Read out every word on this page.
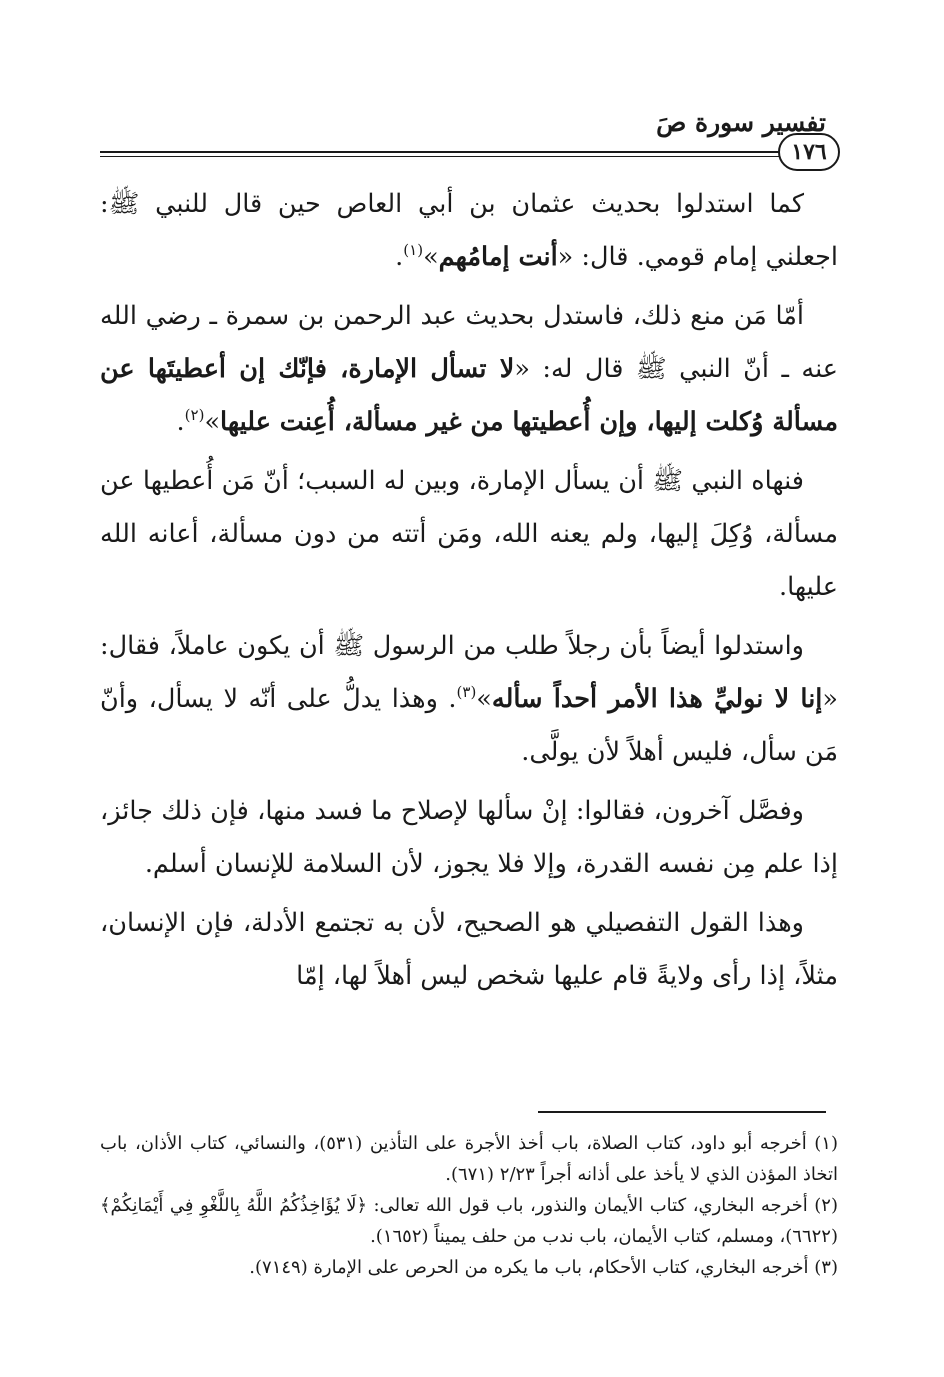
تفسير سورة صَ
١٧٦

كما استدلوا بحديث عثمان بن أبي العاص حين قال للنبي ﷺ: اجعلني إمام قومي. قال: «أنت إمامُهم»$^{(١)}$.

أمّا مَن منع ذلك، فاستدل بحديث عبد الرحمن بن سمرة ـ رضي الله عنه ـ أنّ النبي ﷺ قال له: «لا تسأل الإمارة، فإنّك إن أعطيتَها عن مسألة وُكلت إليها، وإن أُعطيتها من غير مسألة، أُعِنت عليها»$^{(٢)}$.

فنهاه النبي ﷺ أن يسأل الإمارة، وبين له السبب؛ أنّ مَن أُعطيها عن مسألة، وُكِلَ إليها، ولم يعنه الله، ومَن أتته من دون مسألة، أعانه الله عليها.

واستدلوا أيضاً بأن رجلاً طلب من الرسول ﷺ أن يكون عاملاً، فقال: «إنا لا نوليِّ هذا الأمر أحداً سأله»$^{(٣)}$. وهذا يدلُّ على أنّه لا يسأل، وأنّ مَن سأل، فليس أهلاً لأن يولَّى.

وفصَّل آخرون، فقالوا: إنْ سألها لإصلاح ما فسد منها، فإن ذلك جائز، إذا علم مِن نفسه القدرة، وإلا فلا يجوز، لأن السلامة للإنسان أسلم.

وهذا القول التفصيلي هو الصحيح، لأن به تجتمع الأدلة، فإن الإنسان، مثلاً، إذا رأى ولايةً قام عليها شخص ليس أهلاً لها، إمّا

(١) أخرجه أبو داود، كتاب الصلاة، باب أخذ الأجرة على التأذين (٥٣١)، والنسائي، كتاب الأذان، باب اتخاذ المؤذن الذي لا يأخذ على أذانه أجراً ٢/٢٣ (٦٧١).

(٢) أخرجه البخاري، كتاب الأيمان والنذور، باب قول الله تعالى: ﴿لَا يُؤَاخِذُكُمُ اللَّهُ بِاللَّغْوِ فِي أَيْمَانِكُمْ﴾ (٦٦٢٢)، ومسلم، كتاب الأيمان، باب ندب من حلف يميناً (١٦٥٢).

(٣) أخرجه البخاري، كتاب الأحكام، باب ما يكره من الحرص على الإمارة (٧١٤٩).
